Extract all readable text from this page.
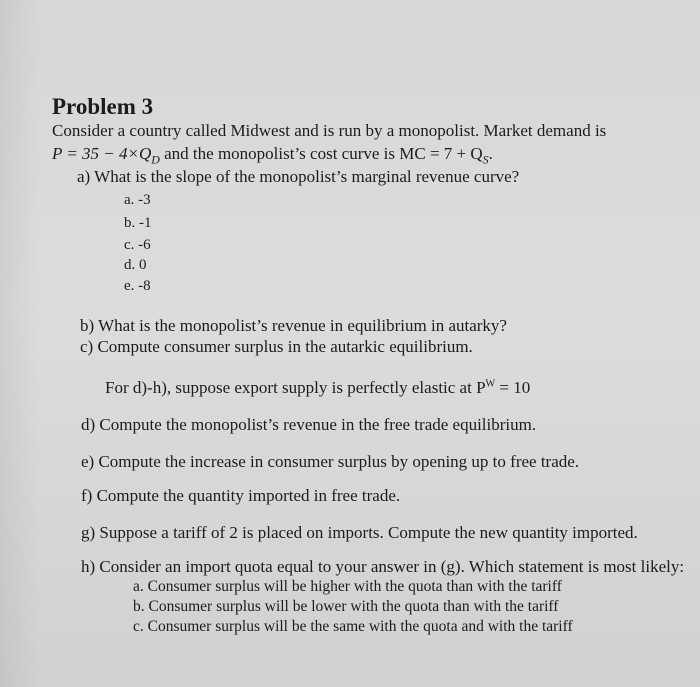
Problem 3
Consider a country called Midwest and is run by a monopolist. Market demand is
$P = 35 - 4\times Q_D$ and the monopolist’s cost curve is MC = $7 + Q_S$.
a) What is the slope of the monopolist’s marginal revenue curve?
a. -3
b. -1
c. -6
d. 0
e. -8
b) What is the monopolist’s revenue in equilibrium in autarky?
c) Compute consumer surplus in the autarkic equilibrium.
For d)-h), suppose export supply is perfectly elastic at $P^W = 10$
d) Compute the monopolist’s revenue in the free trade equilibrium.
e) Compute the increase in consumer surplus by opening up to free trade.
f) Compute the quantity imported in free trade.
g) Suppose a tariff of 2 is placed on imports. Compute the new quantity imported.
h) Consider an import quota equal to your answer in (g). Which statement is most likely:
a. Consumer surplus will be higher with the quota than with the tariff
b. Consumer surplus will be lower with the quota than with the tariff
c. Consumer surplus will be the same with the quota and with the tariff
